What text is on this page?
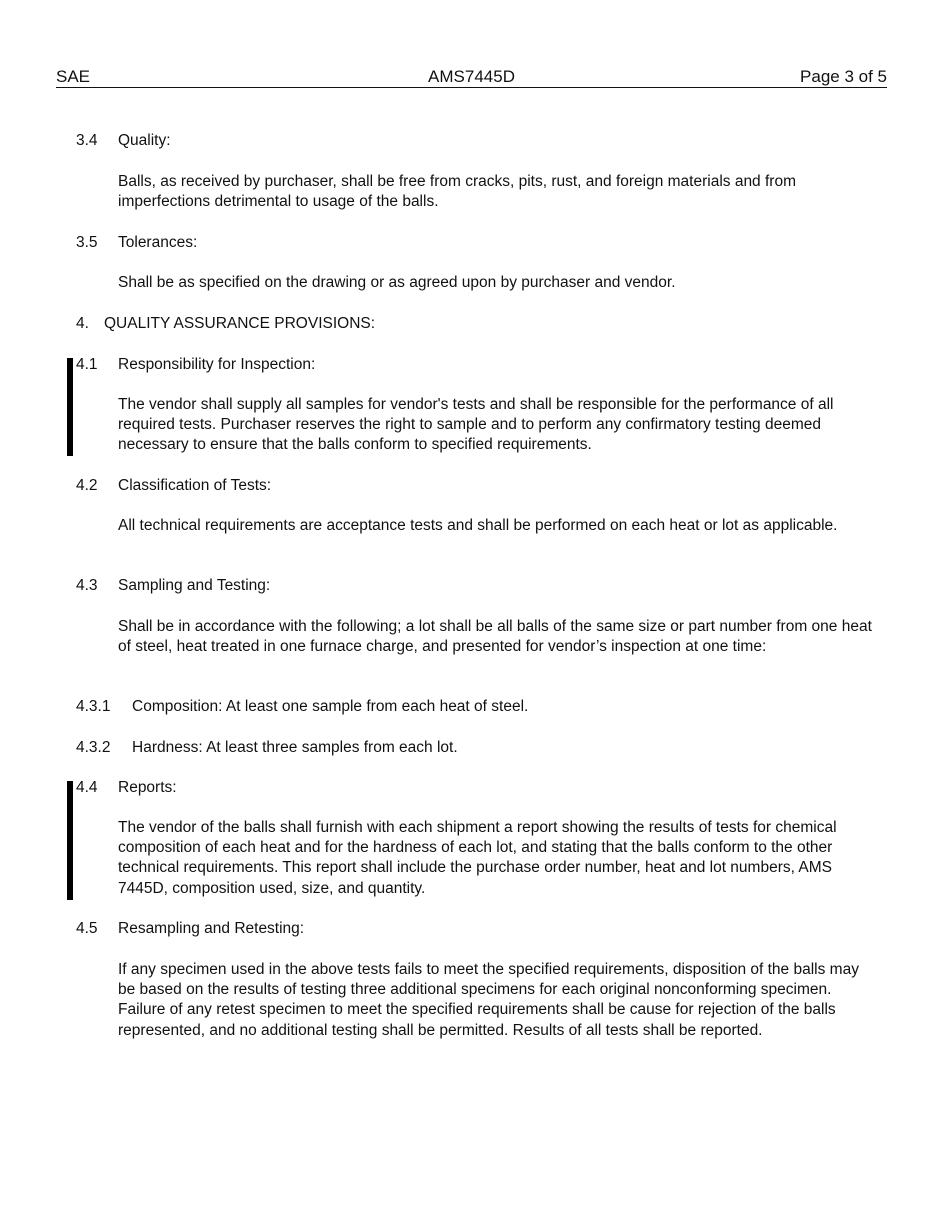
SAE	AMS7445D	Page 3 of 5
3.4 Quality:
Balls, as received by purchaser, shall be free from cracks, pits, rust, and foreign materials and from imperfections detrimental to usage of the balls.
3.5 Tolerances:
Shall be as specified on the drawing or as agreed upon by purchaser and vendor.
4. QUALITY ASSURANCE PROVISIONS:
4.1 Responsibility for Inspection:
The vendor shall supply all samples for vendor's tests and shall be responsible for the performance of all required tests. Purchaser reserves the right to sample and to perform any confirmatory testing deemed necessary to ensure that the balls conform to specified requirements.
4.2 Classification of Tests:
All technical requirements are acceptance tests and shall be performed on each heat or lot as applicable.
4.3 Sampling and Testing:
Shall be in accordance with the following; a lot shall be all balls of the same size or part number from one heat of steel, heat treated in one furnace charge, and presented for vendor’s inspection at one time:
4.3.1 Composition: At least one sample from each heat of steel.
4.3.2 Hardness: At least three samples from each lot.
4.4 Reports:
The vendor of the balls shall furnish with each shipment a report showing the results of tests for chemical composition of each heat and for the hardness of each lot, and stating that the balls conform to the other technical requirements. This report shall include the purchase order number, heat and lot numbers, AMS 7445D, composition used, size, and quantity.
4.5 Resampling and Retesting:
If any specimen used in the above tests fails to meet the specified requirements, disposition of the balls may be based on the results of testing three additional specimens for each original nonconforming specimen. Failure of any retest specimen to meet the specified requirements shall be cause for rejection of the balls represented, and no additional testing shall be permitted. Results of all tests shall be reported.
